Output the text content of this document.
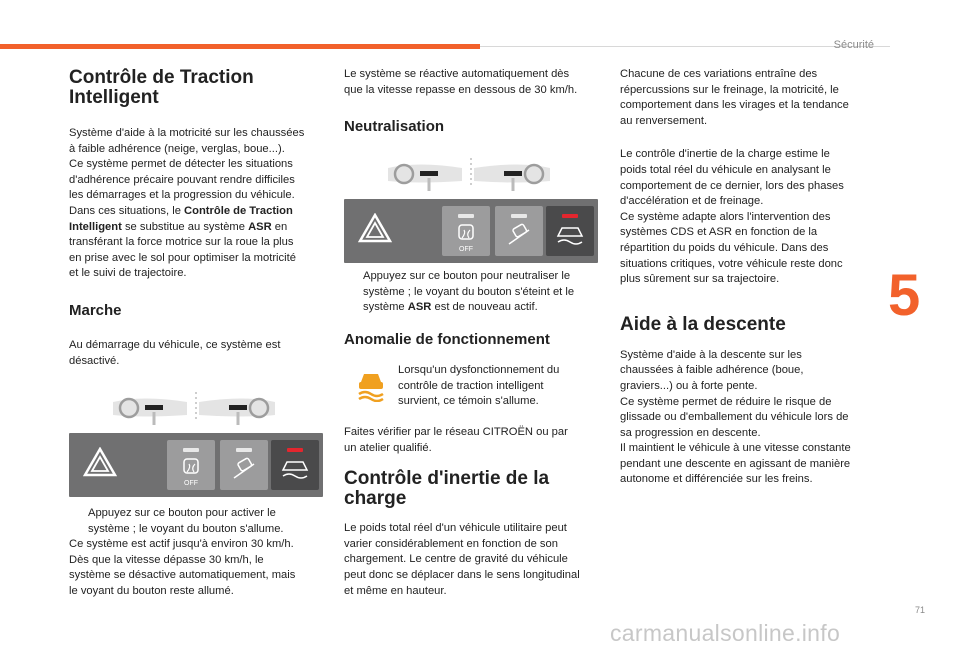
Sécurité
5
71
carmanualsonline.info
Contrôle de Traction
Intelligent

Système d'aide à la motricité sur les chaussées
à faible adhérence (neige, verglas, boue...).
Ce système permet de détecter les situations
d'adhérence précaire pouvant rendre difficiles
les démarrages et la progression du véhicule.
Dans ces situations, le Contrôle de Traction
Intelligent se substitue au système ASR en
transférant la force motrice sur la roue la plus
en prise avec le sol pour optimiser la motricité
et le suivi de trajectoire.

Marche

Au démarrage du véhicule, ce système est
désactivé.

OFF
Appuyez sur ce bouton pour activer le
système ; le voyant du bouton s'allume.

Ce système est actif jusqu'à environ 30 km/h.
Dès que la vitesse dépasse 30 km/h, le
système se désactive automatiquement, mais
le voyant du bouton reste allumé.

Le système se réactive automatiquement dès
que la vitesse repasse en dessous de 30 km/h.

Neutralisation
OFF
Appuyez sur ce bouton pour neutraliser le
système ; le voyant du bouton s'éteint et le
système ASR est de nouveau actif.
Anomalie de fonctionnement
Lorsqu'un dysfonctionnement du
contrôle de traction intelligent
survient, ce témoin s'allume.

Faites vérifier par le réseau CITROËN ou par
un atelier qualifié.

Contrôle d'inertie de la
charge

Le poids total réel d'un véhicule utilitaire peut
varier considérablement en fonction de son
chargement. Le centre de gravité du véhicule
peut donc se déplacer dans le sens longitudinal
et même en hauteur.

Chacune de ces variations entraîne des
répercussions sur le freinage, la motricité, le
comportement dans les virages et la tendance
au renversement.

Le contrôle d'inertie de la charge estime le
poids total réel du véhicule en analysant le
comportement de ce dernier, lors des phases
d'accélération et de freinage.
Ce système adapte alors l'intervention des
systèmes CDS et ASR en fonction de la
répartition du poids du véhicule. Dans des
situations critiques, votre véhicule reste donc
plus sûrement sur sa trajectoire.

Aide à la descente

Système d'aide à la descente sur les
chaussées à faible adhérence (boue,
graviers...) ou à forte pente.
Ce système permet de réduire le risque de
glissade ou d'emballement du véhicule lors de
sa progression en descente.
Il maintient le véhicule à une vitesse constante
pendant une descente en agissant de manière
autonome et différenciée sur les freins.
